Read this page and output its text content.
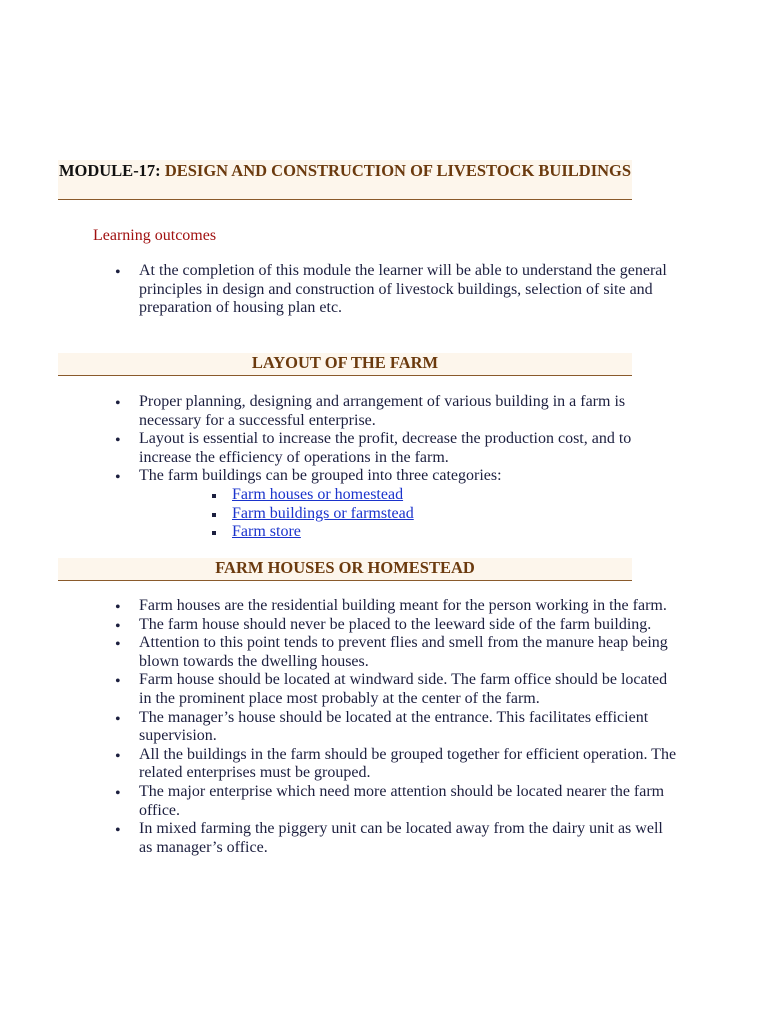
MODULE-17: DESIGN AND CONSTRUCTION OF LIVESTOCK BUILDINGS
Learning outcomes
• At the completion of this module the learner will be able to understand the general principles in design and construction of livestock buildings, selection of site and preparation of housing plan etc.
LAYOUT OF THE FARM
• Proper planning, designing and arrangement of various building in a farm is necessary for a successful enterprise.
• Layout is essential to increase the profit, decrease the production cost, and to increase the efficiency of operations in the farm.
• The farm buildings can be grouped into three categories:
Farm houses or homestead
Farm buildings or farmstead
Farm store
FARM HOUSES OR HOMESTEAD
• Farm houses are the residential building meant for the person working in the farm.
• The farm house should never be placed to the leeward side of the farm building.
• Attention to this point tends to prevent flies and smell from the manure heap being blown towards the dwelling houses.
• Farm house should be located at windward side. The farm office should be located in the prominent place most probably at the center of the farm.
• The manager’s house should be located at the entrance. This facilitates efficient supervision.
• All the buildings in the farm should be grouped together for efficient operation. The related enterprises must be grouped.
• The major enterprise which need more attention should be located nearer the farm office.
• In mixed farming the piggery unit can be located away from the dairy unit as well as manager’s office.
